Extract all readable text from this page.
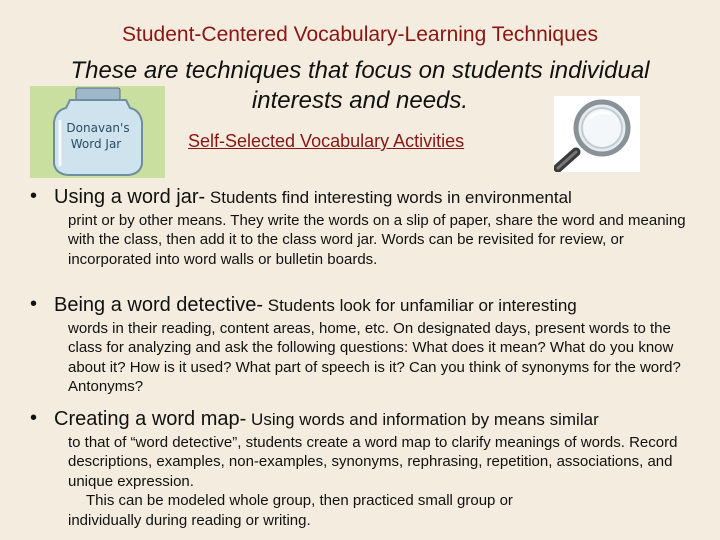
Student-Centered Vocabulary-Learning Techniques
These are techniques that focus on students individual interests and needs.
Donavan's
Word Jar	Self-Selected Vocabulary Activities
• Using a word jar- Students find interesting words in environmental
print or by other means. They write the words on a slip of paper, share the word and meaning with the class, then add it to the class word jar. Words can be revisited for review, or incorporated into word walls or bulletin boards.
• Being a word detective- Students look for unfamiliar or interesting
words in their reading, content areas, home, etc. On designated days, present words to the class for analyzing and ask the following questions: What does it mean? What do you know about it? How is it used? What part of speech is it? Can you think of synonyms for the word? Antonyms?
• Creating a word map- Using words and information by means similar
to that of “word detective”, students create a word map to clarify meanings of words. Record descriptions, examples, non-examples, synonyms, rephrasing, repetition, associations, and unique expression.
This can be modeled whole group, then practiced small group or
individually during reading or writing.
